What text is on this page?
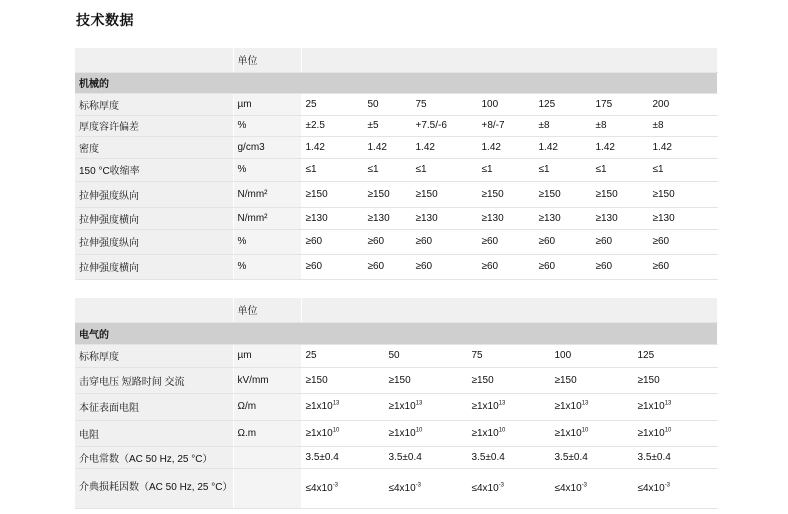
技术数据
	单位								
机械的									
标称厚度	µm	25	50	75	100	125	175	200	
厚度容许偏差	%	±2.5	±5	+7.5/-6	+8/-7	±8	±8	±8	
密度	g/cm3	1.42	1.42	1.42	1.42	1.42	1.42	1.42	
150 °C收缩率	%	≤1	≤1	≤1	≤1	≤1	≤1	≤1	
拉伸强度纵向	N/mm²	≥150	≥150	≥150	≥150	≥150	≥150	≥150	
拉伸强度横向	N/mm²	≥130	≥130	≥130	≥130	≥130	≥130	≥130	
拉伸强度纵向	%	≥60	≥60	≥60	≥60	≥60	≥60	≥60	
拉伸强度横向	%	≥60	≥60	≥60	≥60	≥60	≥60	≥60	
	单位					
电气的						
标称厚度	µm	25	50	75	100	125
击穿电压 短路时间 交流	kV/mm	≥150	≥150	≥150	≥150	≥150
本征表面电阻	Ω/m	$\ge 1x10^{13}$	$\ge 1x10^{13}$	$\ge 1x10^{13}$	$\ge 1x10^{13}$	$\ge 1x10^{13}$
电阻	Ω.m	$\ge 1x10^{10}$	$\ge 1x10^{10}$	$\ge 1x10^{10}$	$\ge 1x10^{10}$	$\ge 1x10^{10}$
介电常数（AC 50 Hz, 25 °C）		3.5±0.4	3.5±0.4	3.5±0.4	3.5±0.4	3.5±0.4
介典损耗因数（AC 50 Hz, 25 °C）		$\le 4x10^{-3}$	$\le 4x10^{-3}$	$\le 4x10^{-3}$	$\le 4x10^{-3}$	$\le 4x10^{-3}$
